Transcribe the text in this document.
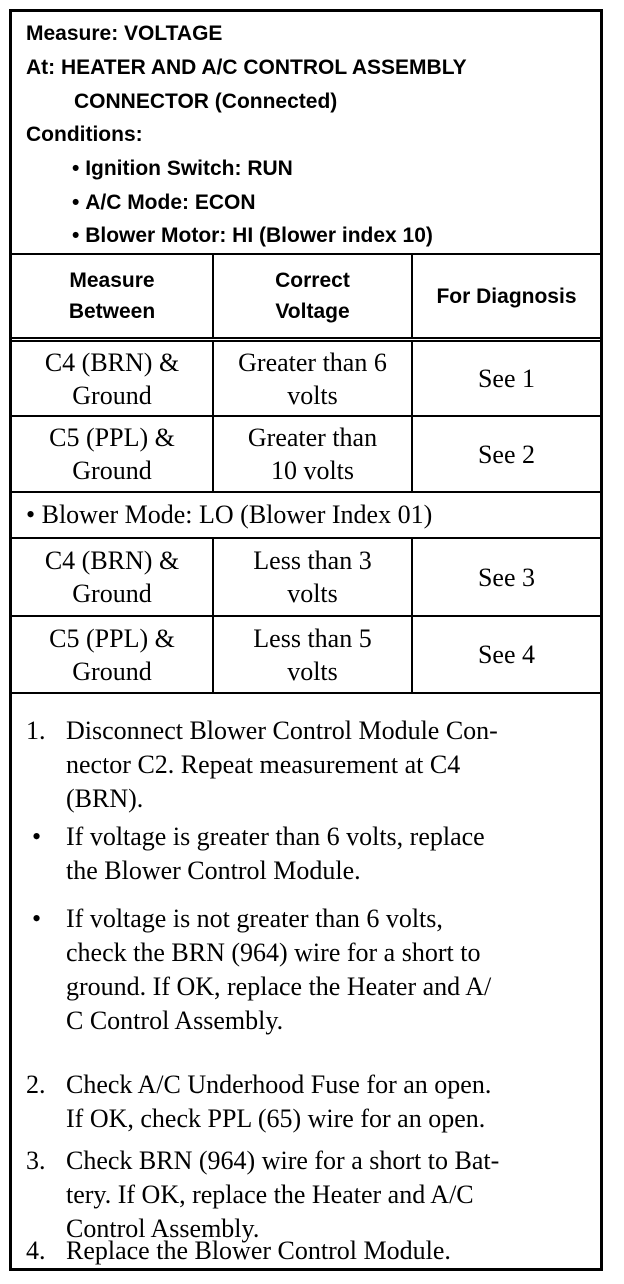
Measure: VOLTAGE
At: HEATER AND A/C CONTROL ASSEMBLY
CONNECTOR (Connected)
Conditions:
• Ignition Switch: RUN
• A/C Mode: ECON
• Blower Motor: HI (Blower index 10)
Measure
Between
Correct
Voltage
For Diagnosis
C4 (BRN) &
Ground
Greater than 6
volts
See 1
C5 (PPL) &
Ground
Greater than
10 volts
See 2
• Blower Mode: LO (Blower Index 01)
C4 (BRN) &
Ground
Less than 3
volts
See 3
C5 (PPL) &
Ground
Less than 5
volts
See 4
1. Disconnect Blower Control Module Con-
nector C2. Repeat measurement at C4
(BRN).
• If voltage is greater than 6 volts, replace
the Blower Control Module.
• If voltage is not greater than 6 volts,
check the BRN (964) wire for a short to
ground. If OK, replace the Heater and A/
C Control Assembly.
2. Check A/C Underhood Fuse for an open.
If OK, check PPL (65) wire for an open.
3. Check BRN (964) wire for a short to Bat-
tery. If OK, replace the Heater and A/C
Control Assembly.
4. Replace the Blower Control Module.
